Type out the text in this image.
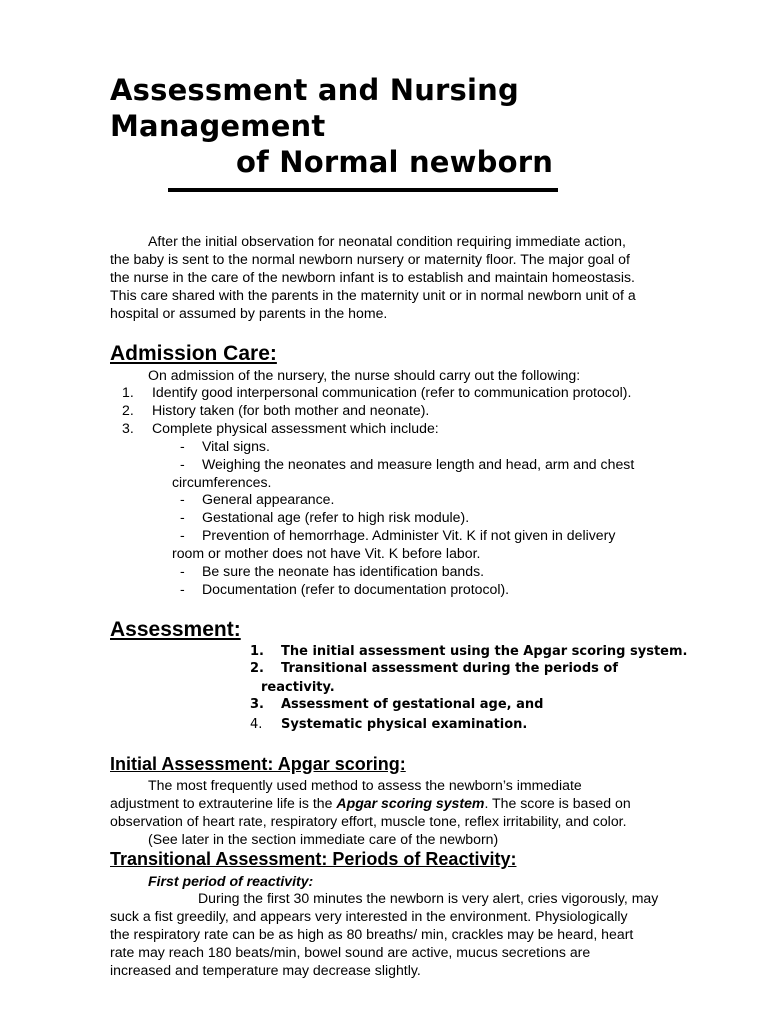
Assessment and Nursing
Management
of Normal newborn
After the initial observation for neonatal condition requiring immediate action,
the baby is sent to the normal newborn nursery or maternity floor. The major goal of
the nurse in the care of the newborn infant is to establish and maintain homeostasis.
This care shared with the parents in the maternity unit or in normal newborn unit of a
hospital or assumed by parents in the home.
Admission Care:
On admission of the nursery, the nurse should carry out the following:
1. Identify good interpersonal communication (refer to communication protocol).
2. History taken (for both mother and neonate).
3. Complete physical assessment which include:
- Vital signs.
- Weighing the neonates and measure length and head, arm and chest
circumferences.
- General appearance.
- Gestational age (refer to high risk module).
- Prevention of hemorrhage. Administer Vit. K if not given in delivery
room or mother does not have Vit. K before labor.
- Be sure the neonate has identification bands.
- Documentation (refer to documentation protocol).
Assessment:
1. The initial assessment using the Apgar scoring system.
2. Transitional assessment during the periods of
reactivity.
3. Assessment of gestational age, and
4. Systematic physical examination.
Initial Assessment: Apgar scoring:
The most frequently used method to assess the newborn’s immediate
adjustment to extrauterine life is the Apgar scoring system. The score is based on
observation of heart rate, respiratory effort, muscle tone, reflex irritability, and color.
(See later in the section immediate care of the newborn)
Transitional Assessment: Periods of Reactivity:
First period of reactivity:
During the first 30 minutes the newborn is very alert, cries vigorously, may
suck a fist greedily, and appears very interested in the environment. Physiologically
the respiratory rate can be as high as 80 breaths/ min, crackles may be heard, heart
rate may reach 180 beats/min, bowel sound are active, mucus secretions are
increased and temperature may decrease slightly.
